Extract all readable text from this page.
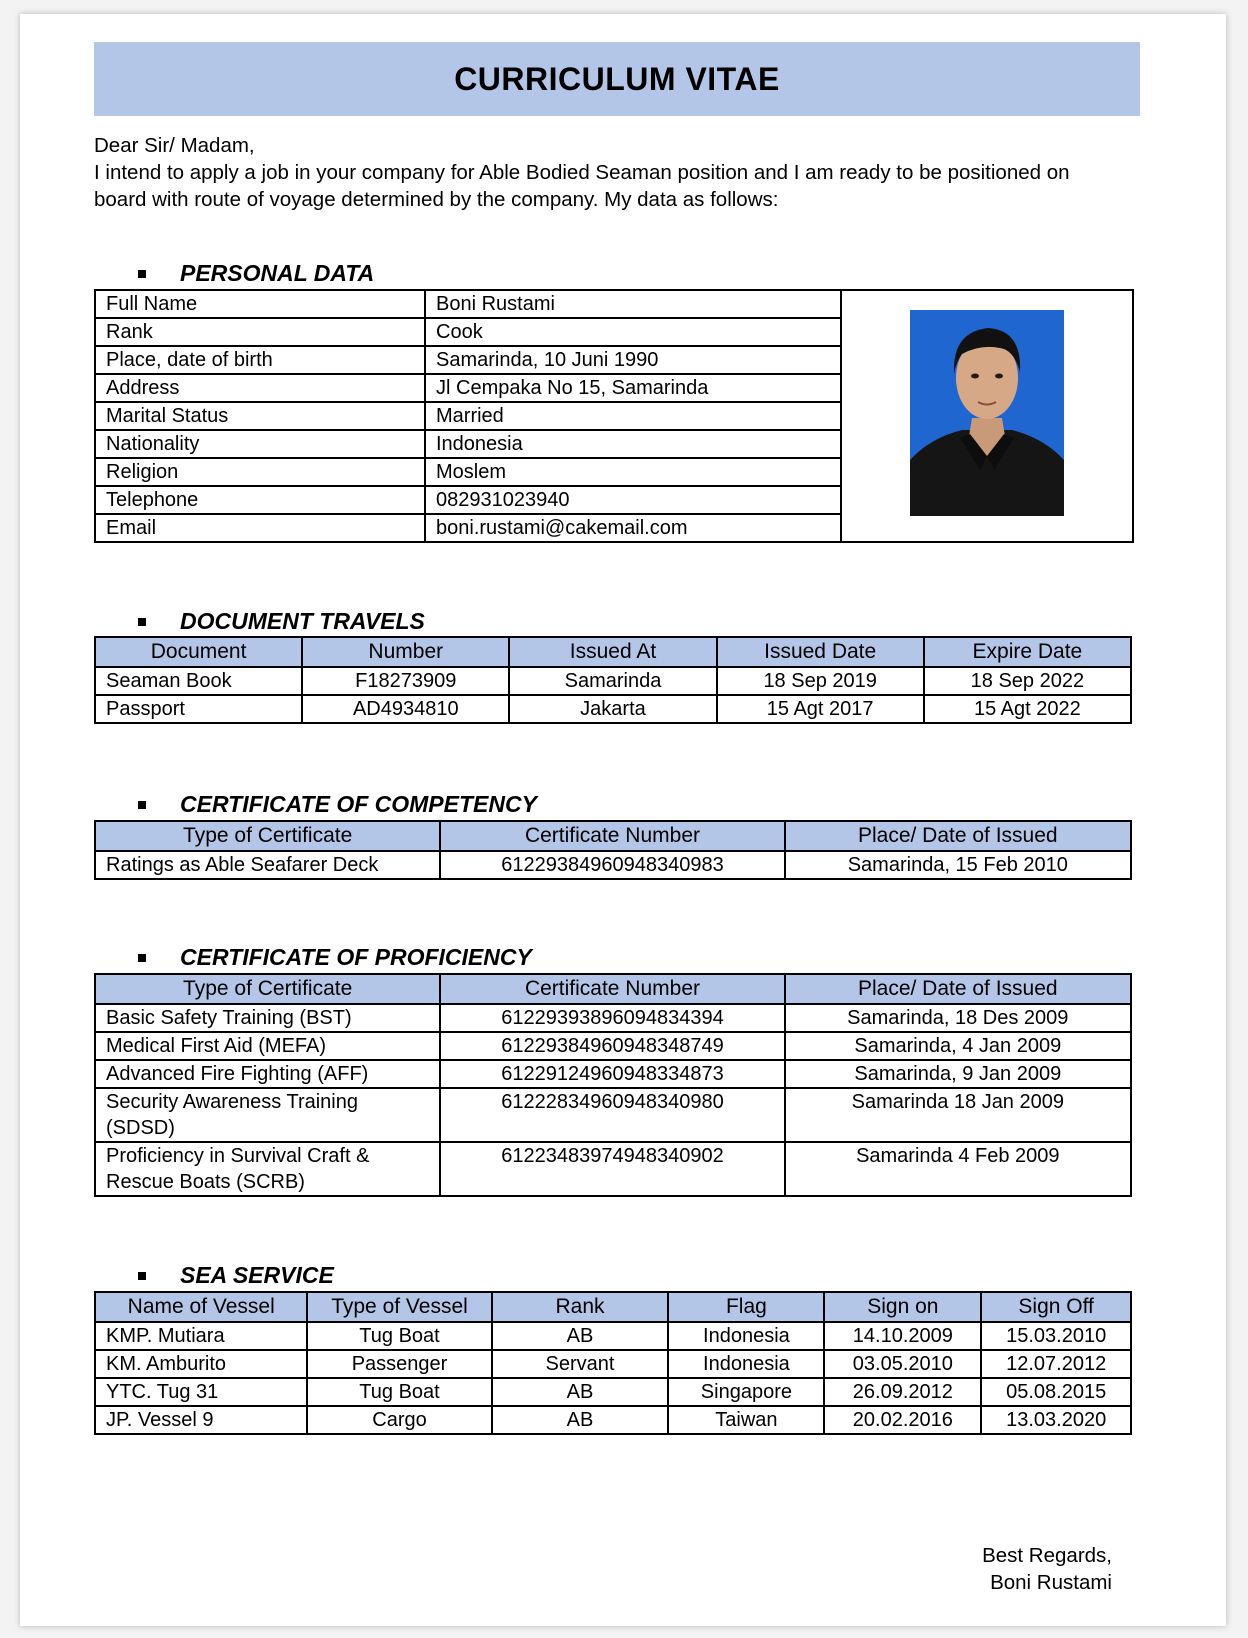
CURRICULUM VITAE
Dear Sir/ Madam,
I intend to apply a job in your company for Able Bodied Seaman position and I am ready to be positioned on
board with route of voyage determined by the company. My data as follows:
PERSONAL DATA
Full Name	Boni Rustami	
Rank	Cook	
Place, date of birth	Samarinda, 10 Juni 1990	
Address	Jl Cempaka No 15, Samarinda	
Marital Status	Married	
Nationality	Indonesia	
Religion	Moslem	
Telephone	082931023940	
Email	boni.rustami@cakemail.com	
DOCUMENT TRAVELS
Document	Number	Issued At	Issued Date	Expire Date
Seaman Book	F18273909	Samarinda	18 Sep 2019	18 Sep 2022
Passport	AD4934810	Jakarta	15 Agt 2017	15 Agt 2022
CERTIFICATE OF COMPETENCY
Type of Certificate	Certificate Number	Place/ Date of Issued
Ratings as Able Seafarer Deck	61229384960948340983	Samarinda, 15 Feb 2010
CERTIFICATE OF PROFICIENCY
Type of Certificate	Certificate Number	Place/ Date of Issued
Basic Safety Training (BST)	61229393896094834394	Samarinda, 18 Des 2009
Medical First Aid (MEFA)	61229384960948348749	Samarinda, 4 Jan 2009
Advanced Fire Fighting (AFF)	61229124960948334873	Samarinda, 9 Jan 2009
Security Awareness Training (SDSD)	61222834960948340980	Samarinda 18 Jan 2009
Proficiency in Survival Craft & Rescue Boats (SCRB)	61223483974948340902	Samarinda 4 Feb 2009
SEA SERVICE
Name of Vessel	Type of Vessel	Rank	Flag	Sign on	Sign Off
KMP. Mutiara	Tug Boat	AB	Indonesia	14.10.2009	15.03.2010
KM. Amburito	Passenger	Servant	Indonesia	03.05.2010	12.07.2012
YTC. Tug 31	Tug Boat	AB	Singapore	26.09.2012	05.08.2015
JP. Vessel 9	Cargo	AB	Taiwan	20.02.2016	13.03.2020
Best Regards,
Boni Rustami
